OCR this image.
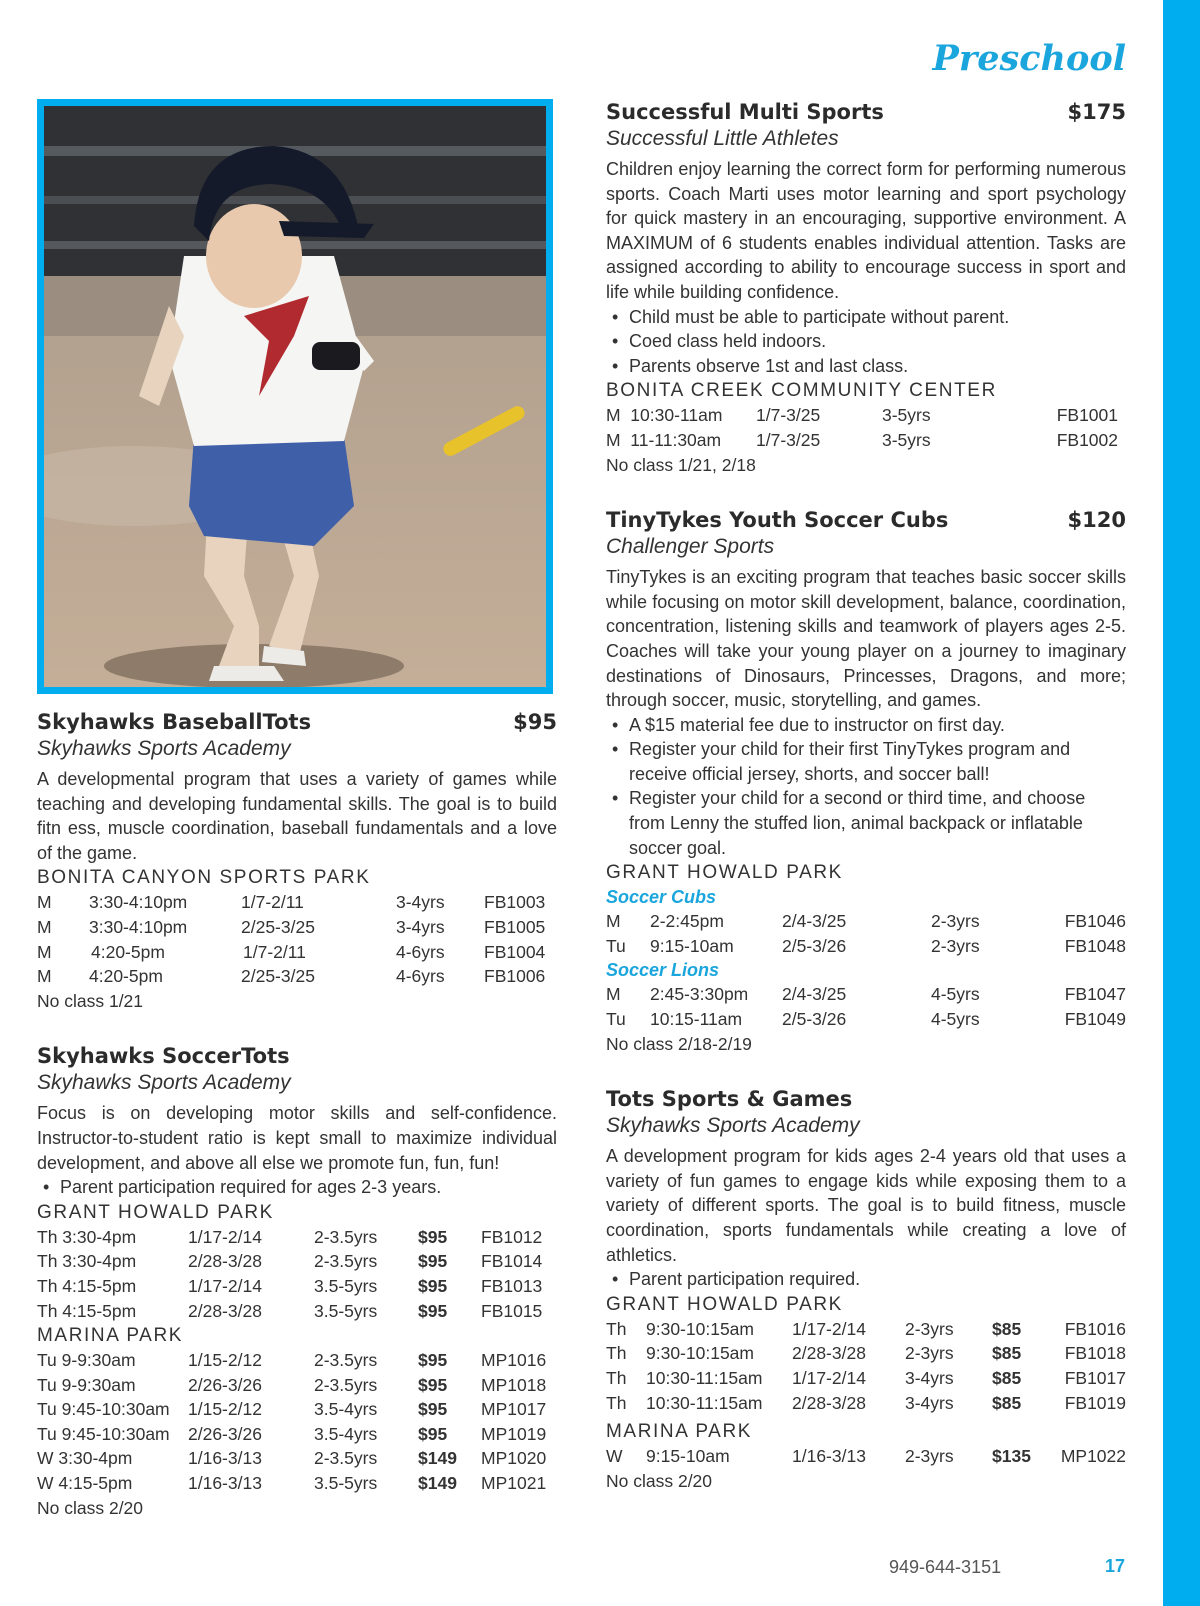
Preschool
Skyhawks BaseballTots	$95
Skyhawks Sports Academy
A developmental program that uses a variety of games while teaching and developing fundamental skills. The goal is to build fitn ess, muscle coordination, baseball fundamentals and a love of the game.
BONITA CANYON SPORTS PARK
M	3:30-4:10pm	1/7-2/11	3-4yrs	FB1003
M	3:30-4:10pm	2/25-3/25	3-4yrs	FB1005
M	4:20-5pm	1/7-2/11	4-6yrs	FB1004
M	4:20-5pm	2/25-3/25	4-6yrs	FB1006
No class 1/21
Skyhawks SoccerTots
Skyhawks Sports Academy
Focus is on developing motor skills and self-confidence. Instructor-to-student ratio is kept small to maximize individual development, and above all else we promote fun, fun, fun!
• Parent participation required for ages 2-3 years.
GRANT HOWALD PARK
Th 3:30-4pm	1/17-2/14	2-3.5yrs	$95	FB1012
Th 3:30-4pm	2/28-3/28	2-3.5yrs	$95	FB1014
Th 4:15-5pm	1/17-2/14	3.5-5yrs	$95	FB1013
Th 4:15-5pm	2/28-3/28	3.5-5yrs	$95	FB1015
MARINA PARK
Tu 9-9:30am	1/15-2/12	2-3.5yrs	$95	MP1016
Tu 9-9:30am	2/26-3/26	2-3.5yrs	$95	MP1018
Tu 9:45-10:30am	1/15-2/12	3.5-4yrs	$95	MP1017
Tu 9:45-10:30am	2/26-3/26	3.5-4yrs	$95	MP1019
W 3:30-4pm	1/16-3/13	2-3.5yrs	$149	MP1020
W 4:15-5pm	1/16-3/13	3.5-5yrs	$149	MP1021
No class 2/20
Successful Multi Sports	$175
Successful Little Athletes
Children enjoy learning the correct form for performing numerous sports. Coach Marti uses motor learning and sport psychology for quick mastery in an encouraging, supportive environment. A MAXIMUM of 6 students enables individual attention. Tasks are assigned according to ability to encourage success in sport and life while building confidence.
• Child must be able to participate without parent.
• Coed class held indoors.
• Parents observe 1st and last class.
BONITA CREEK COMMUNITY CENTER
M  10:30-11am	1/7-3/25	3-5yrs	FB1001
M  11-11:30am	1/7-3/25	3-5yrs	FB1002
No class 1/21, 2/18
TinyTykes Youth Soccer Cubs	$120
Challenger Sports
TinyTykes is an exciting program that teaches basic soccer skills while focusing on motor skill development, balance, coordination, concentration, listening skills and teamwork of players ages 2-5. Coaches will take your young player on a journey to imaginary destinations of Dinosaurs, Princesses, Dragons, and more; through soccer, music, storytelling, and games.
• A $15 material fee due to instructor on first day.
• Register your child for their first TinyTykes program and receive official jersey, shorts, and soccer ball!
• Register your child for a second or third time, and choose from Lenny the stuffed lion, animal backpack or inflatable soccer goal.
GRANT HOWALD PARK
Soccer Cubs
M	2-2:45pm	2/4-3/25	2-3yrs	FB1046
Tu	9:15-10am	2/5-3/26	2-3yrs	FB1048
Soccer Lions
M	2:45-3:30pm	2/4-3/25	4-5yrs	FB1047
Tu	10:15-11am	2/5-3/26	4-5yrs	FB1049
No class 2/18-2/19
Tots Sports & Games
Skyhawks Sports Academy
A development program for kids ages 2-4 years old that uses a variety of fun games to engage kids while exposing them to a variety of different sports. The goal is to build fitness, muscle coordination, sports fundamentals while creating a love of athletics.
• Parent participation required.
GRANT HOWALD PARK
Th	9:30-10:15am	1/17-2/14	2-3yrs	$85	FB1016
Th	9:30-10:15am	2/28-3/28	2-3yrs	$85	FB1018
Th	10:30-11:15am	1/17-2/14	3-4yrs	$85	FB1017
Th	10:30-11:15am	2/28-3/28	3-4yrs	$85	FB1019
MARINA PARK
W	9:15-10am	1/16-3/13	2-3yrs	$135	MP1022
No class 2/20
949-644-3151	17
